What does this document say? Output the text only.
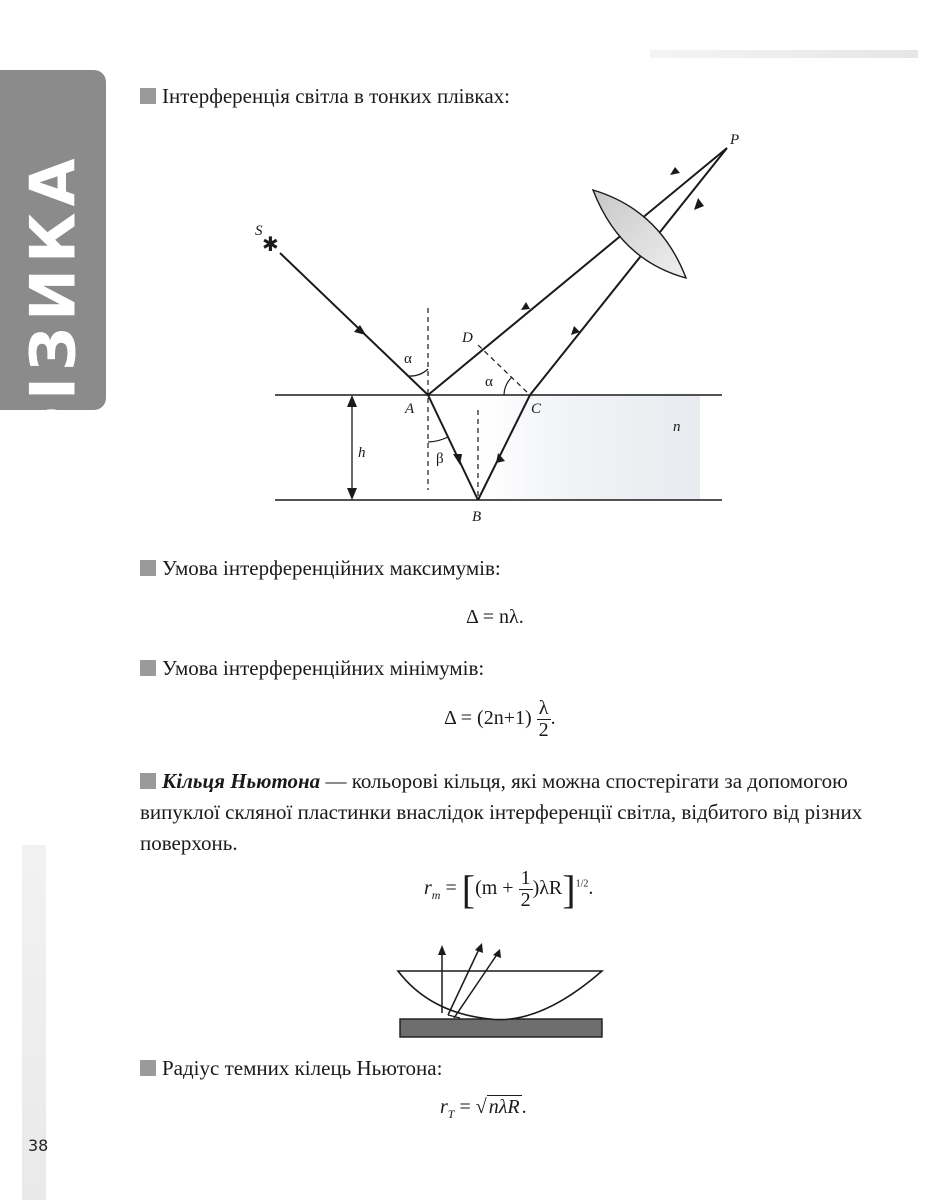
ФІЗИКА
38
Інтерференція світла в тонких плівках:
✱
S
P
D
A	C
B
h
n
α
α
β
Умова інтерференційних максимумів:
Δ = nλ.
Умова інтерференційних мінімумів:
$\Delta = (2n+1) \frac{\lambda}{2}$ .
Кільця Ньютона — кольорові кільця, які можна спостерігати за допомогою випуклої скляної пластинки внаслідок інтерференції світла, відбитого від різних поверхонь.
$r_m = [(m + \frac{1}{2} )\lambda R]^{1/2}$.
Радіус темних кілець Ньютона:
$r_T$ = √ nλR .
